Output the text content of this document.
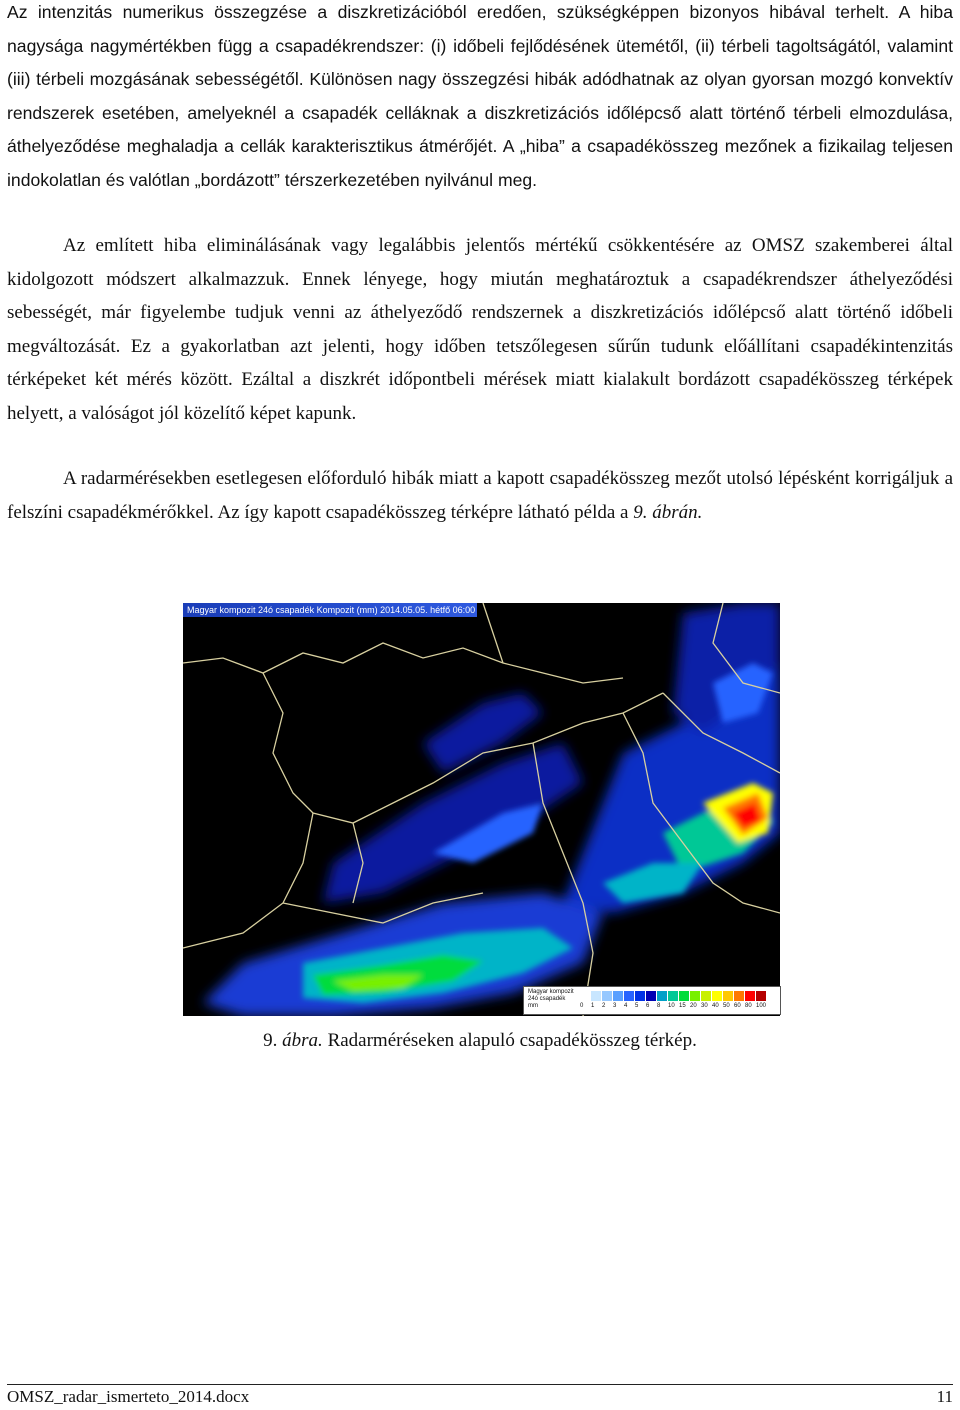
Az intenzitás numerikus összegzése a diszkretizációból eredően, szükségképpen bizonyos hibával terhelt. A hiba nagysága nagymértékben függ a csapadékrendszer: (i) időbeli fejlődésének ütemétől, (ii) térbeli tagoltságától, valamint (iii) térbeli mozgásának sebességétől. Különösen nagy összegzési hibák adódhatnak az olyan gyorsan mozgó konvektív rendszerek esetében, amelyeknél a csapadék celláknak a diszkretizációs időlépcső alatt történő térbeli elmozdulása, áthelyeződése meghaladja a cellák karakterisztikus átmérőjét. A „hiba” a csapadékösszeg mezőnek a fizikailag teljesen indokolatlan és valótlan „bordázott” térszerkezetében nyilvánul meg.

Az említett hiba eliminálásának vagy legalábbis jelentős mértékű csökkentésére az OMSZ szakemberei által kidolgozott módszert alkalmazzuk. Ennek lényege, hogy miután meghatároztuk a csapadékrendszer áthelyeződési sebességét, már figyelembe tudjuk venni az áthelyeződő rendszernek a diszkretizációs időlépcső alatt történő időbeli megváltozását. Ez a gyakorlatban azt jelenti, hogy időben tetszőlegesen sűrűn tudunk előállítani csapadékintenzitás térképeket két mérés között. Ezáltal a diszkrét időpontbeli mérések miatt kialakult bordázott csapadékösszeg térképek helyett, a valóságot jól közelítő képet kapunk.

A radarmérésekben esetlegesen előforduló hibák miatt a kapott csapadékösszeg mezőt utolsó lépésként korrigáljuk a felszíni csapadékmérőkkel. Az így kapott csapadékösszeg térképre látható példa a 9. ábrán.

Magyar kompozit 24ó csapadék Kompozit (mm) 2014.05.05. hétfő 06:00
Magyar kompozit 24ó csapadék mm	0	1	2	3	4	5	6	8	10 15 20 30 40 50 60 80 100
9. ábra. Radarméréseken alapuló csapadékösszeg térkép.
OMSZ_radar_ismerteto_2014.docx	11
